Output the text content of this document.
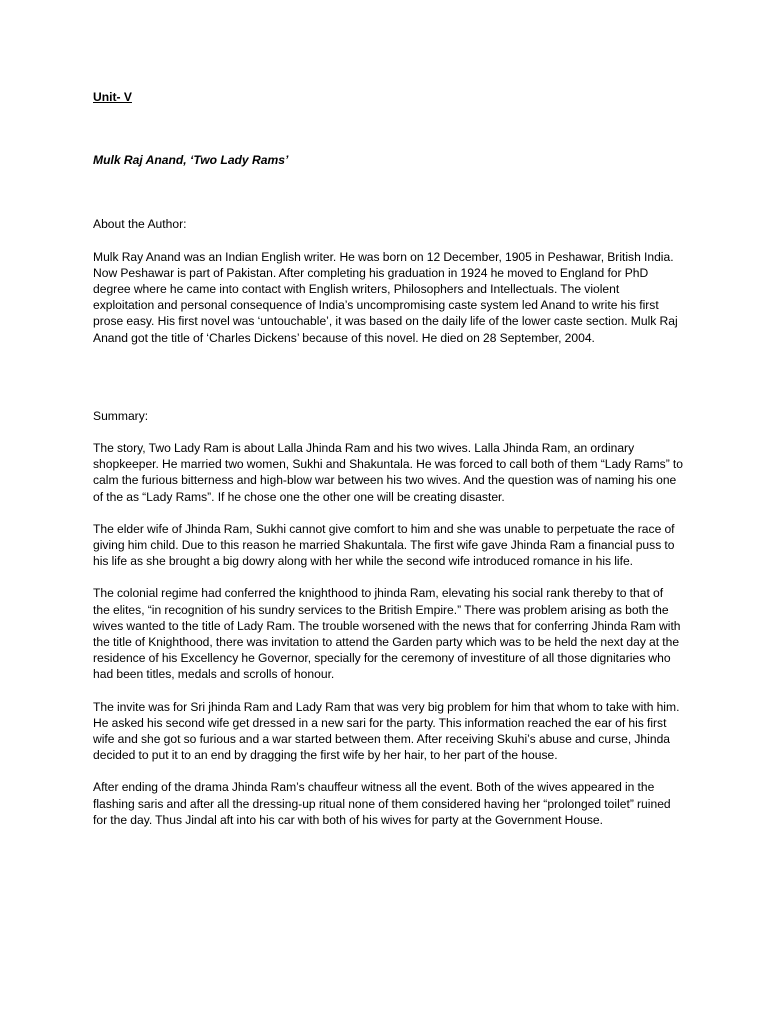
Unit- V

Mulk Raj Anand, ‘Two Lady Rams’

About the Author:

Mulk Ray Anand was an Indian English writer. He was born on 12 December, 1905 in Peshawar, British India. Now Peshawar is part of Pakistan. After completing his graduation in 1924 he moved to England for PhD degree where he came into contact with English writers, Philosophers and Intellectuals. The violent exploitation and personal consequence of India’s uncompromising caste system led Anand to write his first prose easy. His first novel was ‘untouchable’, it was based on the daily life of the lower caste section. Mulk Raj Anand got the title of ‘Charles Dickens’ because of this novel. He died on 28 September, 2004.

Summary:

The story, Two Lady Ram is about Lalla Jhinda Ram and his two wives. Lalla Jhinda Ram, an ordinary shopkeeper. He married two women, Sukhi and Shakuntala. He was forced to call both of them “Lady Rams” to calm the furious bitterness and high-blow war between his two wives. And the question was of naming his one of the as “Lady Rams”. If he chose one the other one will be creating disaster.

The elder wife of Jhinda Ram, Sukhi cannot give comfort to him and she was unable to perpetuate the race of giving him child. Due to this reason he married Shakuntala. The first wife gave Jhinda Ram a financial puss to his life as she brought a big dowry along with her while the second wife introduced romance in his life.

The colonial regime had conferred the knighthood to jhinda Ram, elevating his social rank thereby to that of the elites, “in recognition of his sundry services to the British Empire.” There was problem arising as both the wives wanted to the title of Lady Ram. The trouble worsened with the news that for conferring Jhinda Ram with the title of Knighthood, there was invitation to attend the Garden party which was to be held the next day at the residence of his Excellency he Governor, specially for the ceremony of investiture of all those dignitaries who had been titles, medals and scrolls of honour.

The invite was for Sri jhinda Ram and Lady Ram that was very big problem for him that whom to take with him. He asked his second wife get dressed in a new sari for the party. This information reached the ear of his first wife and she got so furious and a war started between them. After receiving Skuhi’s abuse and curse, Jhinda decided to put it to an end by dragging the first wife by her hair, to her part of the house.

After ending of the drama Jhinda Ram’s chauffeur witness all the event. Both of the wives appeared in the flashing saris and after all the dressing-up ritual none of them considered having her “prolonged toilet” ruined for the day. Thus Jindal aft into his car with both of his wives for party at the Government House.
